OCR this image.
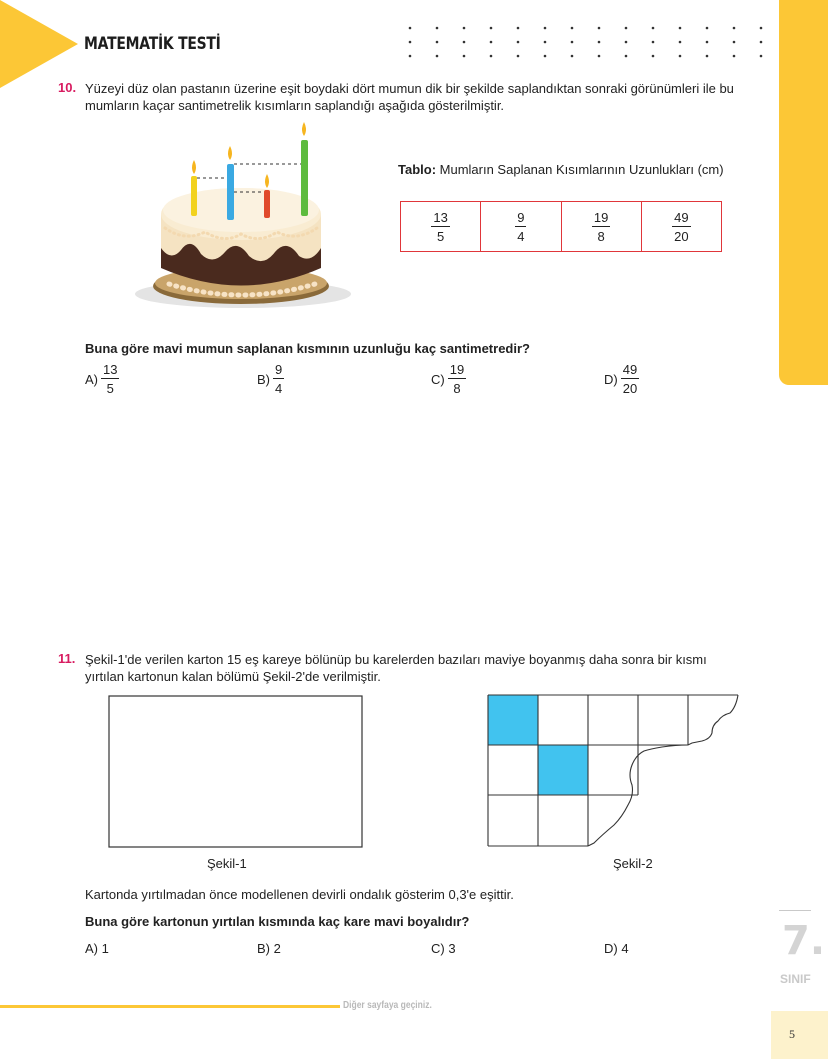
MATEMATİK TESTİ
10. Yüzeyi düz olan pastanın üzerine eşit boydaki dört mumun dik bir şekilde saplandıktan sonraki görünümleri ile bu
mumların kaçar santimetrelik kısımların saplandığı aşağıda gösterilmiştir.
Tablo: Mumların Saplanan Kısımlarının Uzunlukları (cm)
$\frac{13}{5}$	$\frac{9}{4}$	$\frac{19}{8}$	$\frac{49}{20}$
Buna göre mavi mumun saplanan kısmının uzunluğu kaç santimetredir?
$A) \frac{13}{5}$	$B) \frac{9}{4}$	$C) \frac{19}{8}$	$D) \frac{49}{20}$
11. Şekil-1'de verilen karton 15 eş kareye bölünüp bu karelerden bazıları maviye boyanmış daha sonra bir kısmı
yırtılan kartonun kalan bölümü Şekil-2'de verilmiştir.
Şekil-1	Şekil-2
Kartonda yırtılmadan önce modellenen devirli ondalık gösterim 0,3'e eşittir.
Buna göre kartonun yırtılan kısmında kaç kare mavi boyalıdır?
A) 1	B) 2	C) 3	D) 4	7.
SINIF
Diğer sayfaya geçiniz.
5
